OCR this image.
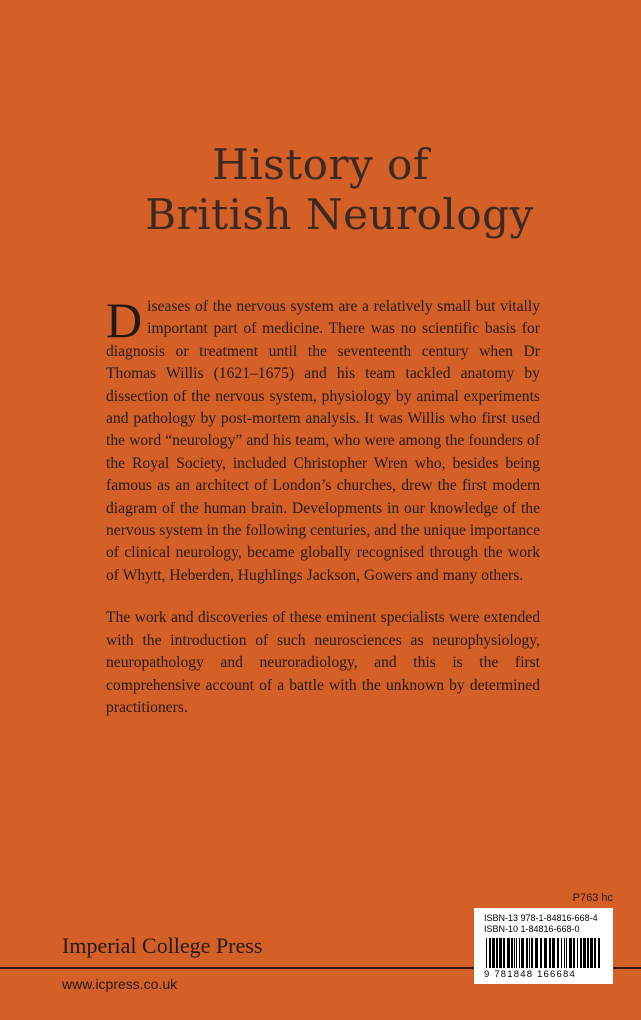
History of
British Neurology

Diseases of the nervous system are a relatively small but vitally important part of medicine. There was no scientific basis for diagnosis or treatment until the seventeenth century when Dr Thomas Willis (1621–1675) and his team tackled anatomy by dissection of the nervous system, physiology by animal experiments and pathology by post-mortem analysis. It was Willis who first used the word “neurology” and his team, who were among the founders of the Royal Society, included Christopher Wren who, besides being famous as an architect of London’s churches, drew the first modern diagram of the human brain. Developments in our knowledge of the nervous system in the following centuries, and the unique importance of clinical neurology, became globally recognised through the work of Whytt, Heberden, Hughlings Jackson, Gowers and many others.

The work and discoveries of these eminent specialists were extended with the introduction of such neurosciences as neurophysiology, neuropathology and neuroradiology, and this is the first comprehensive account of a battle with the unknown by determined practitioners.

P763 hc
ISBN-13 978-1-84816-668-4
ISBN-10 1-84816-668-0
9 781848 166684
Imperial College Press
www.icpress.co.uk
